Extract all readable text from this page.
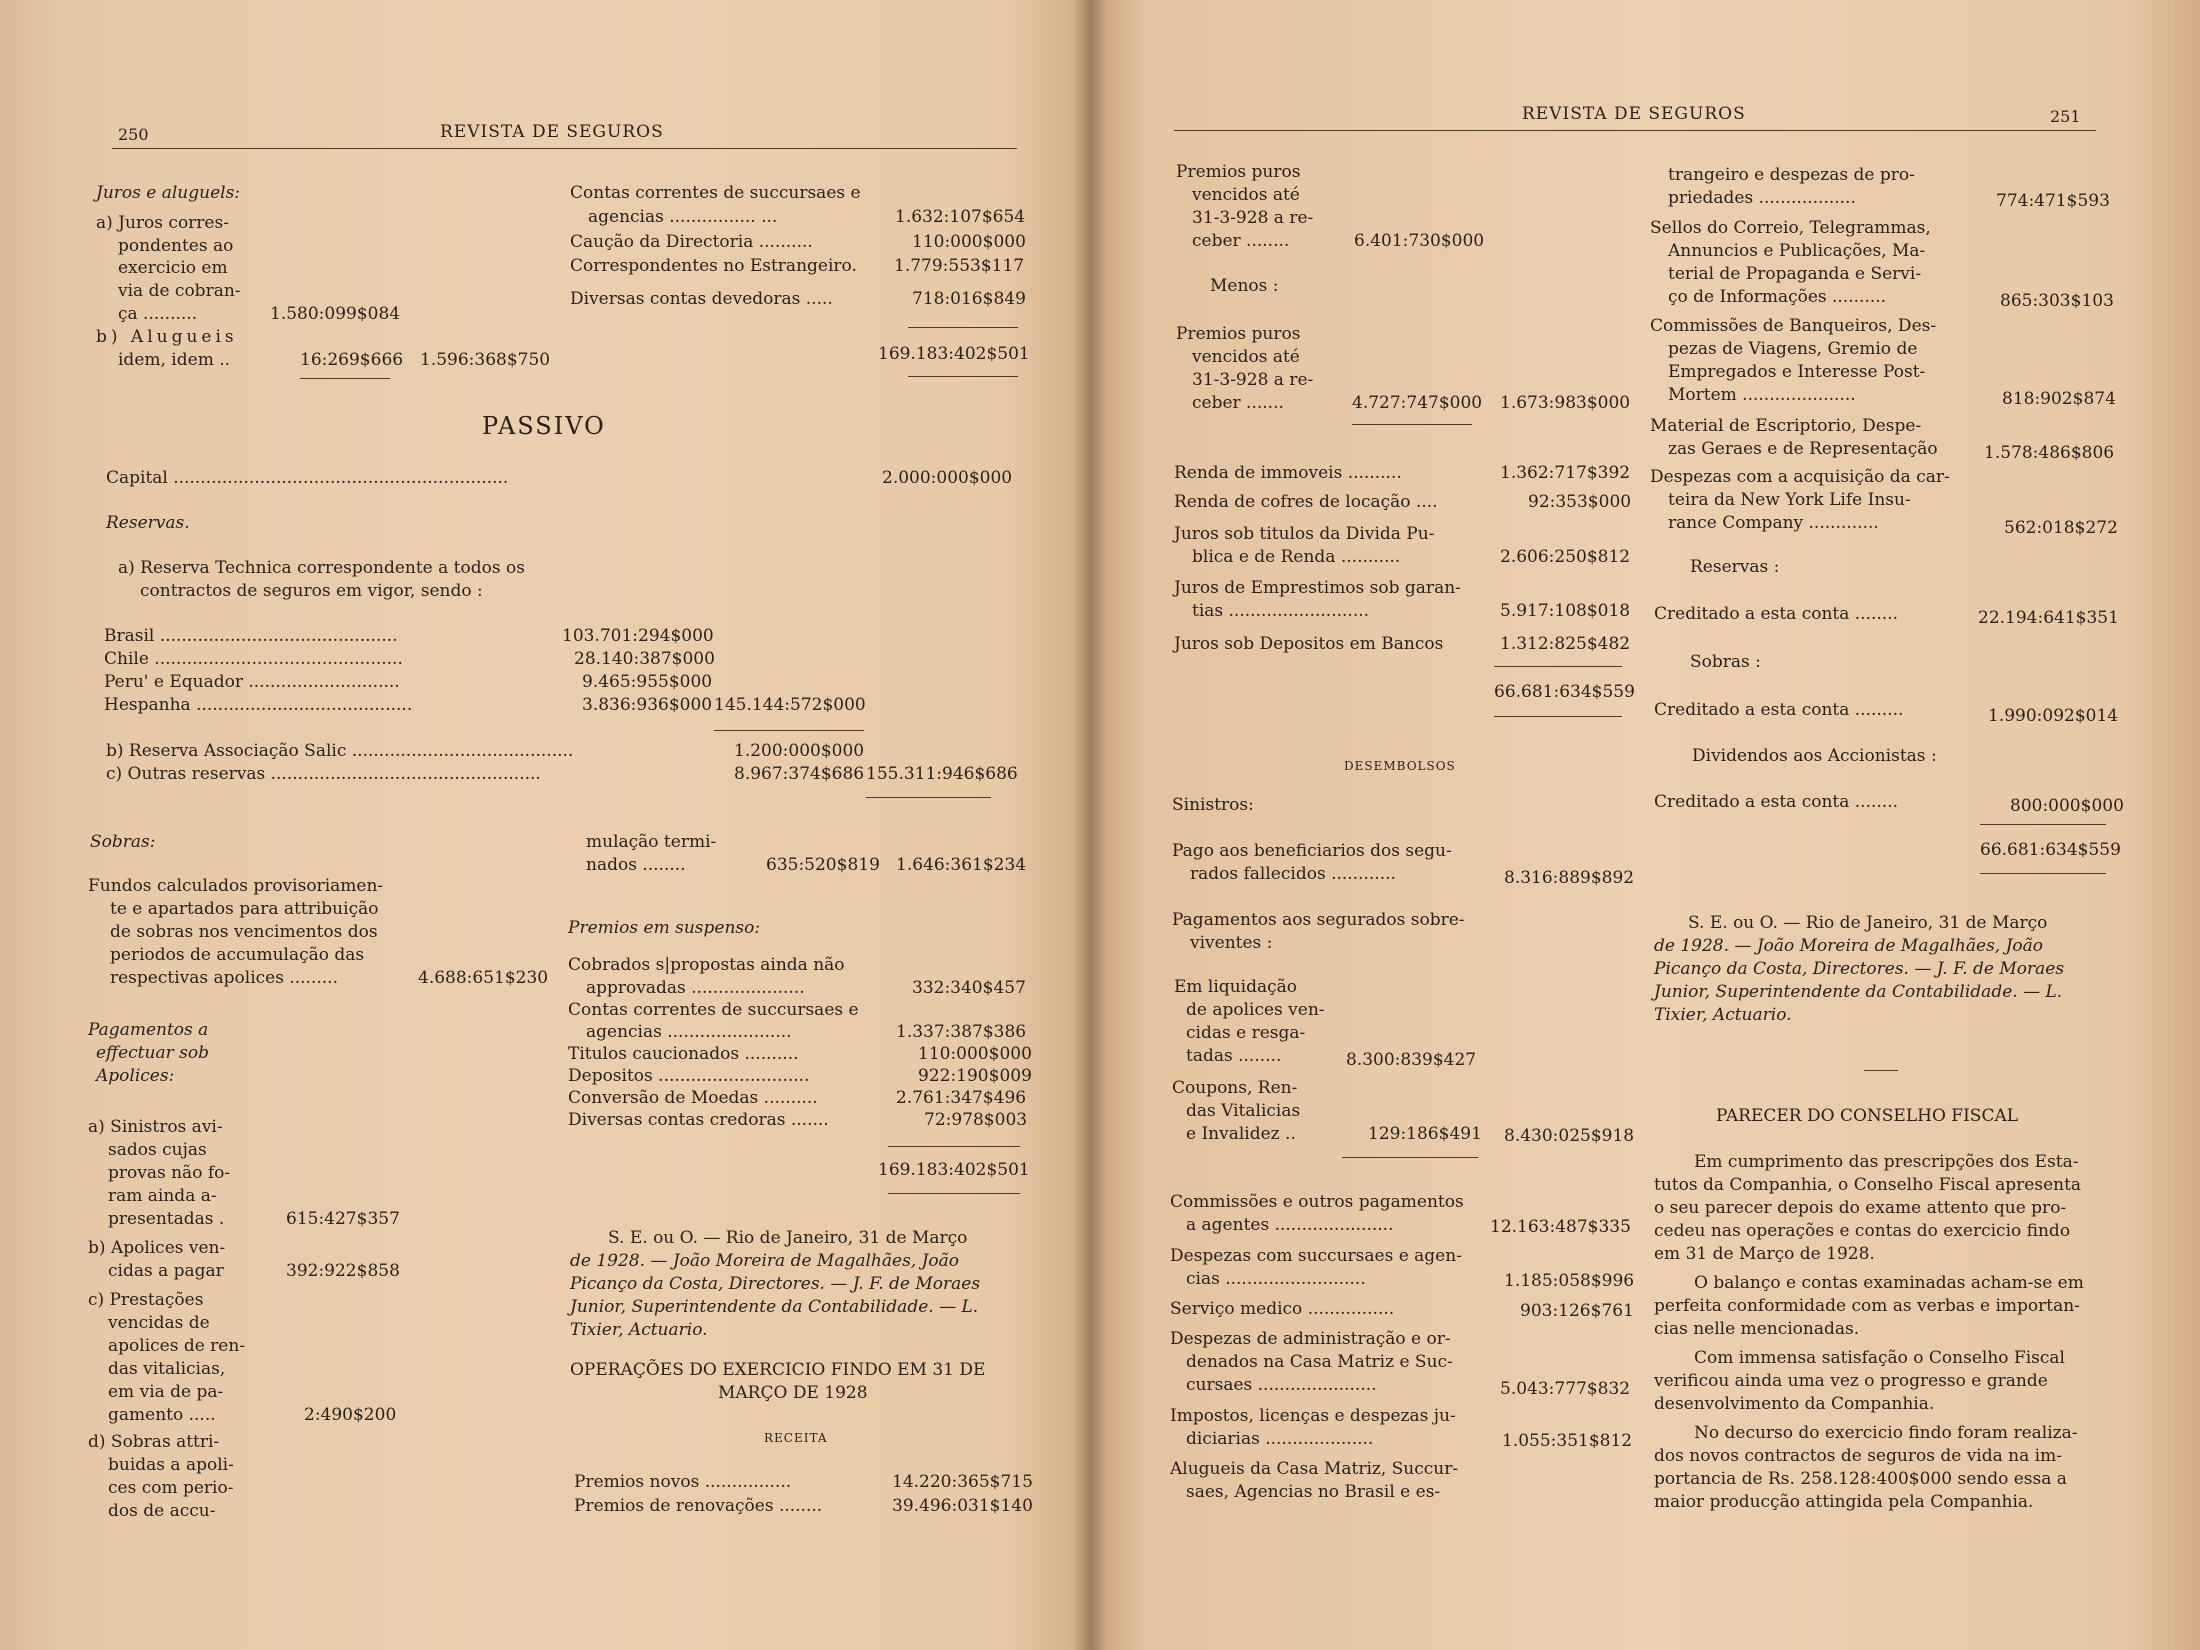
250	REVISTA DE SEGUROS
Juros e aluguels:
a) Juros corres-
pondentes ao
exercicio em
via de cobran-
ça ..........	1.580:099$084
b) Alugueis
idem, idem ..	16:269$666 1.596:368$750
Contas correntes de succursaes e
agencias ................ ...	1.632:107$654
Caução da Directoria ..........	110:000$000
Correspondentes no Estrangeiro. 1.779:553$117
Diversas contas devedoras .....	718:016$849
169.183:402$501
PASSIVO
Capital ..............................................................	2.000:000$000
Reservas.
a) Reserva Technica correspondente a todos os
contractos de seguros em vigor, sendo :
Brasil ............................................	103.701:294$000
Chile ..............................................	28.140:387$000
Peru' e Equador ............................	9.465:955$000
Hespanha ........................................	3.836:936$000 145.144:572$000
b) Reserva Associação Salic .........................................	1.200:000$000
c) Outras reservas ..................................................	8.967:374$686 155.311:946$686
Sobras:
Fundos calculados provisoriamen-
te e apartados para attribuição
de sobras nos vencimentos dos
periodos de accumulação das
respectivas apolices .........	4.688:651$230
Pagamentos a
effectuar sob
Apolices:
a) Sinistros avi-
sados cujas
provas não fo-
ram ainda a-
presentadas .	615:427$357
b) Apolices ven-
cidas a pagar	392:922$858
c) Prestações
vencidas de
apolices de ren-
das vitalicias,
em via de pa-
gamento .....	2:490$200
d) Sobras attri-
buidas a apoli-
ces com perio-
dos de accu-
mulação termi-
nados ........	635:520$819 1.646:361$234
Premios em suspenso:
Cobrados s|propostas ainda não
approvadas .....................	332:340$457
Contas correntes de succursaes e
agencias .......................	1.337:387$386
Titulos caucionados ..........	110:000$000
Depositos ............................	922:190$009
Conversão de Moedas ..........	2.761:347$496
Diversas contas credoras .......	72:978$003
169.183:402$501
S. E. ou O. — Rio de Janeiro, 31 de Março
de 1928. — João Moreira de Magalhães, João
Picanço da Costa, Directores. — J. F. de Moraes
Junior, Superintendente da Contabilidade. — L.
Tixier, Actuario.
OPERAÇÕES DO EXERCICIO FINDO EM 31 DE
MARÇO DE 1928
RECEITA
Premios novos ................	14.220:365$715
Premios de renovações ........	39.496:031$140
REVISTA DE SEGUROS	251
Premios puros
vencidos até
31-3-928 a re-
ceber ........	6.401:730$000
Menos :
Premios puros
vencidos até
31-3-928 a re-
ceber .......	4.727:747$000 1.673:983$000
Renda de immoveis ..........	1.362:717$392
Renda de cofres de locação ....	92:353$000
Juros sob titulos da Divida Pu-
blica e de Renda ...........	2.606:250$812
Juros de Emprestimos sob garan-
tias ..........................	5.917:108$018
Juros sob Depositos em Bancos	1.312:825$482
66.681:634$559
DESEMBOLSOS
Sinistros:
Pago aos beneficiarios dos segu-
rados fallecidos ............	8.316:889$892
Pagamentos aos segurados sobre-
viventes :
Em liquidação
de apolices ven-
cidas e resga-
tadas ........	8.300:839$427
Coupons, Ren-
das Vitalicias
e Invalidez ..	129:186$491 8.430:025$918
Commissões e outros pagamentos
a agentes ......................	12.163:487$335
Despezas com succursaes e agen-
cias ..........................	1.185:058$996
Serviço medico ................	903:126$761
Despezas de administração e or-
denados na Casa Matriz e Suc-
cursaes ......................	5.043:777$832
Impostos, licenças e despezas ju-
diciarias ....................	1.055:351$812
Alugueis da Casa Matriz, Succur-
saes, Agencias no Brasil e es-
trangeiro e despezas de pro-
priedades ..................	774:471$593
Sellos do Correio, Telegrammas,
Annuncios e Publicações, Ma-
terial de Propaganda e Servi-
ço de Informações ..........	865:303$103
Commissões de Banqueiros, Des-
pezas de Viagens, Gremio de
Empregados e Interesse Post-
Mortem .....................	818:902$874
Material de Escriptorio, Despe-
zas Geraes e de Representação	1.578:486$806
Despezas com a acquisição da car-
teira da New York Life Insu-
rance Company .............	562:018$272
Reservas :
Creditado a esta conta ........	22.194:641$351
Sobras :
Creditado a esta conta .........	1.990:092$014
Dividendos aos Accionistas :
Creditado a esta conta ........	800:000$000
66.681:634$559
S. E. ou O. — Rio de Janeiro, 31 de Março
de 1928. — João Moreira de Magalhães, João
Picanço da Costa, Directores. — J. F. de Moraes
Junior, Superintendente da Contabilidade. — L.
Tixier, Actuario.
PARECER DO CONSELHO FISCAL
Em cumprimento das prescripções dos Esta-
tutos da Companhia, o Conselho Fiscal apresenta
o seu parecer depois do exame attento que pro-
cedeu nas operações e contas do exercicio findo
em 31 de Março de 1928.
O balanço e contas examinadas acham-se em
perfeita conformidade com as verbas e importan-
cias nelle mencionadas.
Com immensa satisfação o Conselho Fiscal
verificou ainda uma vez o progresso e grande
desenvolvimento da Companhia.
No decurso do exercicio findo foram realiza-
dos novos contractos de seguros de vida na im-
portancia de Rs. 258.128:400$000 sendo essa a
maior producção attingida pela Companhia.
